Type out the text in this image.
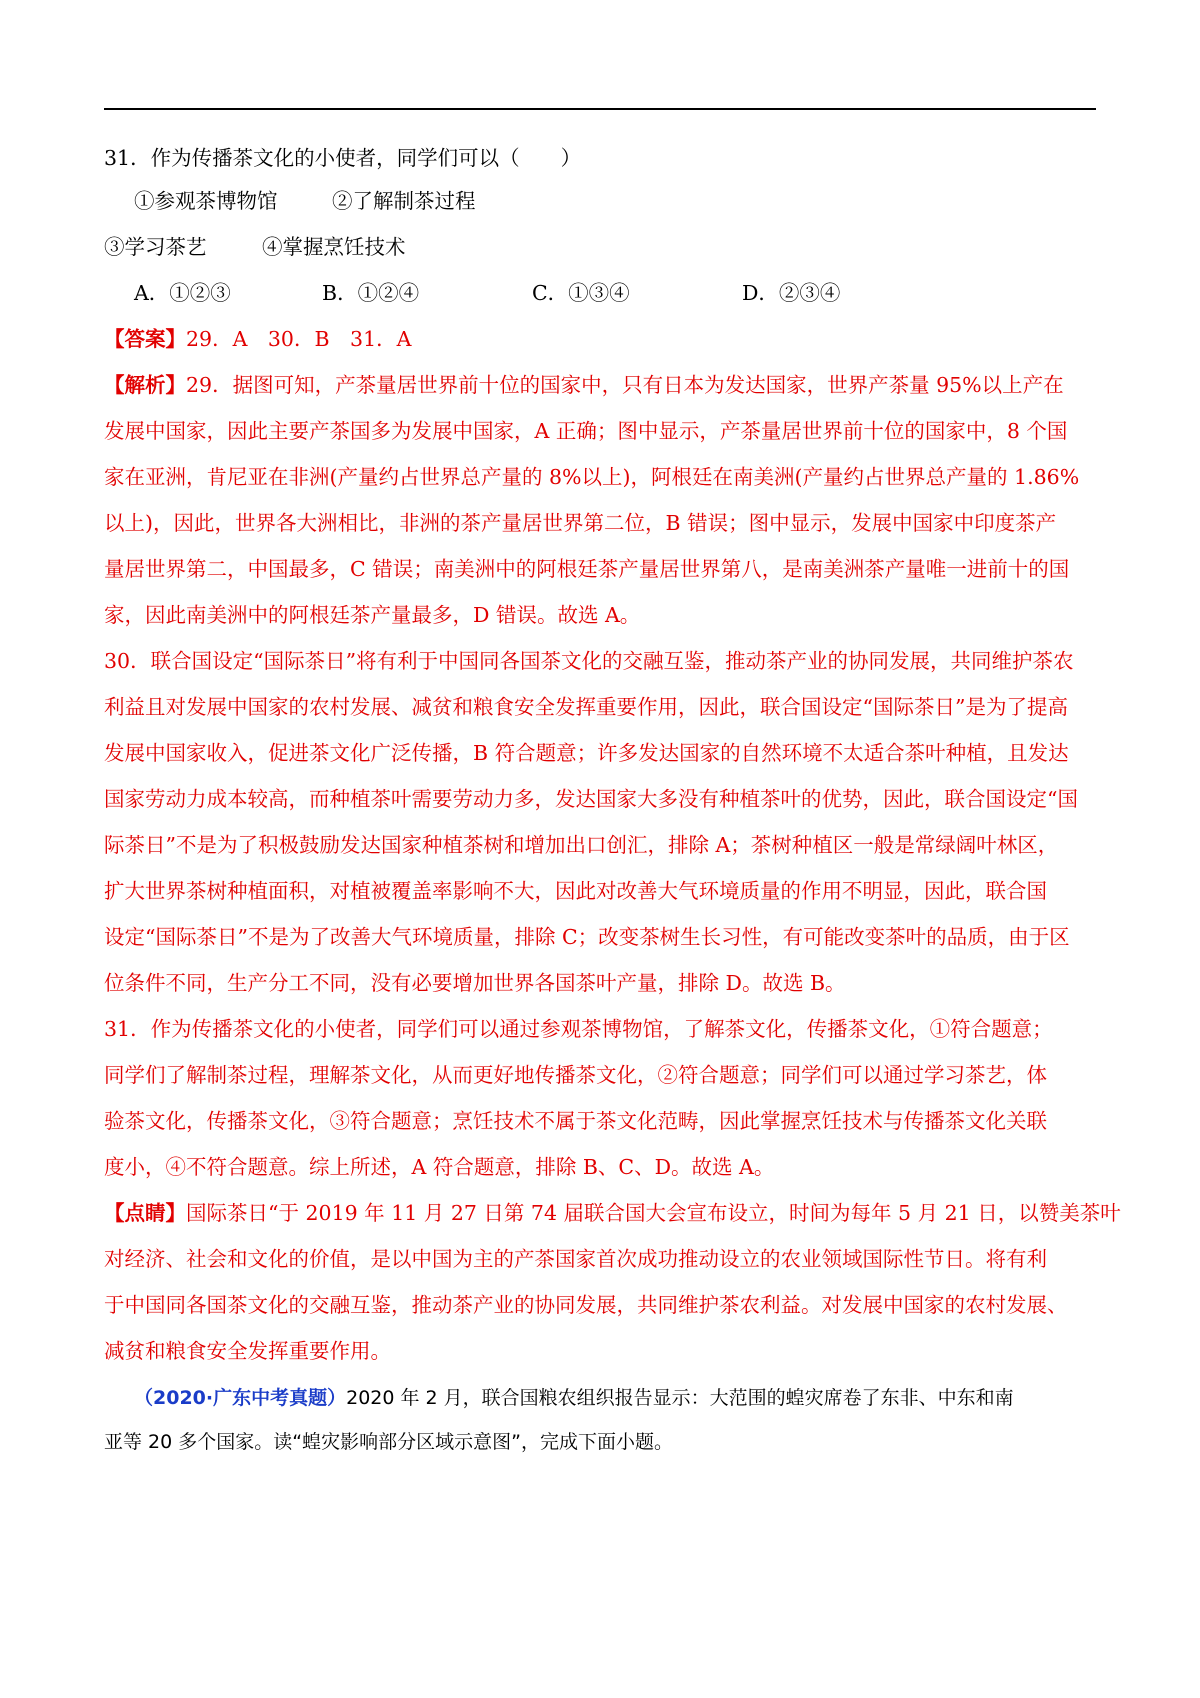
31．作为传播茶文化的小使者，同学们可以（　　）
①参观茶博物馆	②了解制茶过程
③学习茶艺	④掌握烹饪技术
A．①②③	B．①②④	C．①③④	D．②③④
【答案】29．A　30．B　31．A
【解析】29．据图可知，产茶量居世界前十位的国家中，只有日本为发达国家，世界产茶量 95%以上产在
发展中国家，因此主要产茶国多为发展中国家，A 正确；图中显示，产茶量居世界前十位的国家中，8 个国
家在亚洲，肯尼亚在非洲(产量约占世界总产量的 8%以上)，阿根廷在南美洲(产量约占世界总产量的 1.86%
以上)，因此，世界各大洲相比，非洲的茶产量居世界第二位，B 错误；图中显示，发展中国家中印度茶产
量居世界第二，中国最多，C 错误；南美洲中的阿根廷茶产量居世界第八，是南美洲茶产量唯一进前十的国
家，因此南美洲中的阿根廷茶产量最多，D 错误。故选 A。
30．联合国设定“国际茶日”将有利于中国同各国茶文化的交融互鉴，推动茶产业的协同发展，共同维护茶农
利益且对发展中国家的农村发展、减贫和粮食安全发挥重要作用，因此，联合国设定“国际茶日”是为了提高
发展中国家收入，促进茶文化广泛传播，B 符合题意；许多发达国家的自然环境不太适合茶叶种植，且发达
国家劳动力成本较高，而种植茶叶需要劳动力多，发达国家大多没有种植茶叶的优势，因此，联合国设定“国
际茶日”不是为了积极鼓励发达国家种植茶树和增加出口创汇，排除 A；茶树种植区一般是常绿阔叶林区，
扩大世界茶树种植面积，对植被覆盖率影响不大，因此对改善大气环境质量的作用不明显，因此，联合国
设定“国际茶日”不是为了改善大气环境质量，排除 C；改变茶树生长习性，有可能改变茶叶的品质，由于区
位条件不同，生产分工不同，没有必要增加世界各国茶叶产量，排除 D。故选 B。
31．作为传播茶文化的小使者，同学们可以通过参观茶博物馆，了解茶文化，传播茶文化，①符合题意；
同学们了解制茶过程，理解茶文化，从而更好地传播茶文化，②符合题意；同学们可以通过学习茶艺，体
验茶文化，传播茶文化，③符合题意；烹饪技术不属于茶文化范畴，因此掌握烹饪技术与传播茶文化关联
度小，④不符合题意。综上所述，A 符合题意，排除 B、C、D。故选 A。
【点睛】国际茶日“于 2019 年 11 月 27 日第 74 届联合国大会宣布设立，时间为每年 5 月 21 日，以赞美茶叶
对经济、社会和文化的价值，是以中国为主的产茶国家首次成功推动设立的农业领域国际性节日。将有利
于中国同各国茶文化的交融互鉴，推动茶产业的协同发展，共同维护茶农利益。对发展中国家的农村发展、
减贫和粮食安全发挥重要作用。
（2020·广东中考真题）2020 年 2 月，联合国粮农组织报告显示：大范围的蝗灾席卷了东非、中东和南
亚等 20 多个国家。读“蝗灾影响部分区域示意图”，完成下面小题。
